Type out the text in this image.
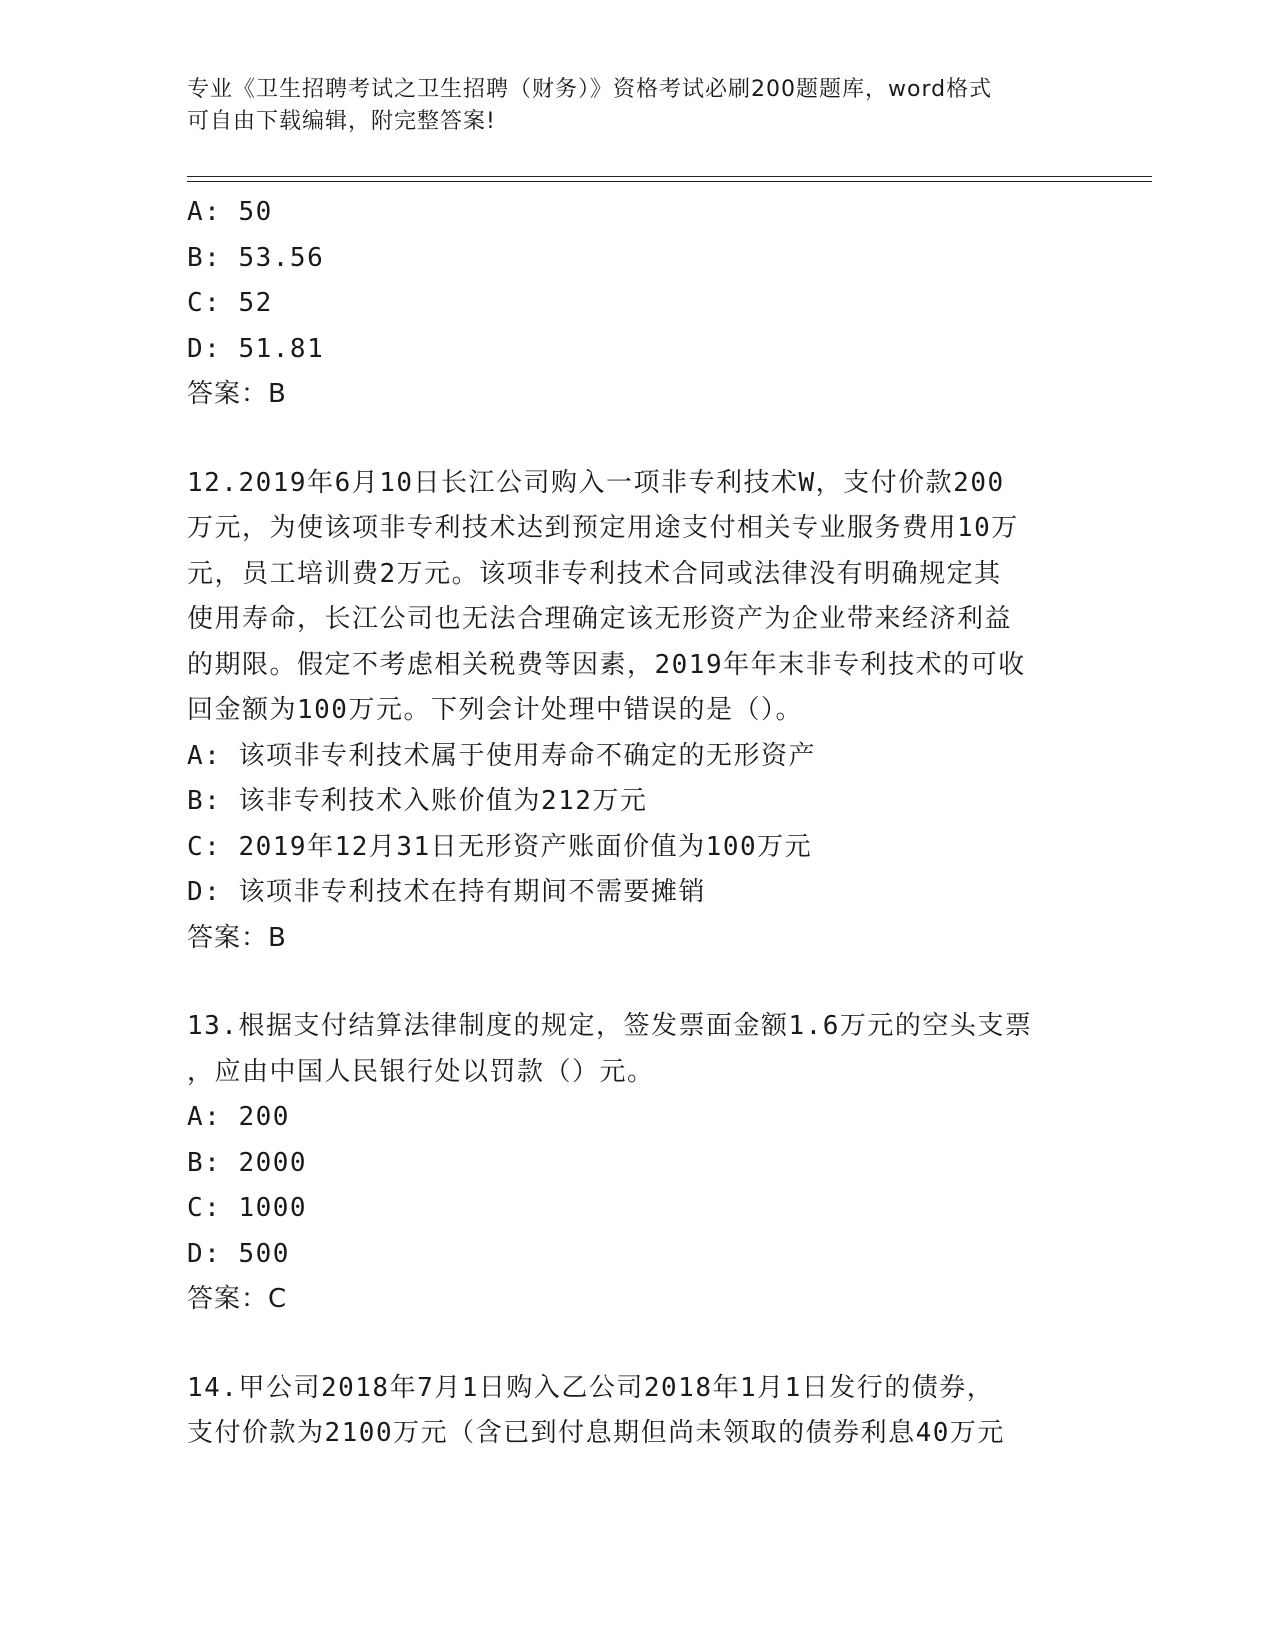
专业《卫生招聘考试之卫生招聘（财务）》资格考试必刷200题题库，word格式
可自由下载编辑，附完整答案!
A: 50
B: 53.56
C: 52
D: 51.81
答案：B
12.2019年6月10日长江公司购入一项非专利技术W，支付价款200
万元，为使该项非专利技术达到预定用途支付相关专业服务费用10万
元，员工培训费2万元。该项非专利技术合同或法律没有明确规定其
使用寿命，长江公司也无法合理确定该无形资产为企业带来经济利益
的期限。假定不考虑相关税费等因素，2019年年末非专利技术的可收
回金额为100万元。下列会计处理中错误的是（）。
A: 该项非专利技术属于使用寿命不确定的无形资产
B: 该非专利技术入账价值为212万元
C: 2019年12月31日无形资产账面价值为100万元
D: 该项非专利技术在持有期间不需要摊销
答案：B
13.根据支付结算法律制度的规定，签发票面金额1.6万元的空头支票
，应由中国人民银行处以罚款（）元。
A: 200
B: 2000
C: 1000
D: 500
答案：C
14.甲公司2018年7月1日购入乙公司2018年1月1日发行的债券，
支付价款为2100万元（含已到付息期但尚未领取的债券利息40万元
